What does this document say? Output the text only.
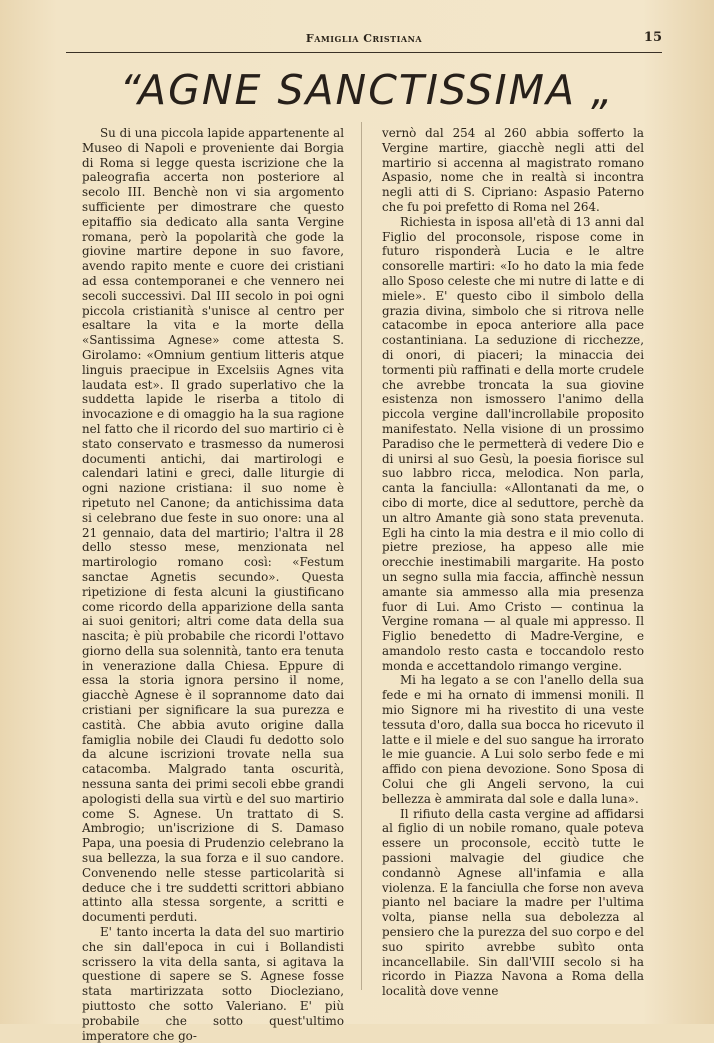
Famiglia Cristiana	15
“AGNE SANCTISSIMA „

Su di una piccola lapide appartenente al Museo di Napoli e proveniente dai Borgia di Roma si legge questa iscrizione che la paleografia accerta non posteriore al secolo III. Benchè non vi sia argomento sufficiente per dimostrare che questo epitaffio sia dedicato alla santa Vergine romana, però la popolarità che gode la giovine martire depone in suo favore, avendo rapito mente e cuore dei cristiani ad essa contemporanei e che vennero nei secoli successivi. Dal III secolo in poi ogni piccola cristianità s'unisce al centro per esaltare la vita e la morte della «Santissima Agnese» come attesta S. Girolamo: «Omnium gentium litteris atque linguis praecipue in Excelsiis Agnes vita laudata est». Il grado superlativo che la suddetta lapide le riserba a titolo di invocazione e di omaggio ha la sua ragione nel fatto che il ricordo del suo martirio ci è stato conservato e trasmesso da numerosi documenti antichi, dai martirologi e calendari latini e greci, dalle liturgie di ogni nazione cristiana: il suo nome è ripetuto nel Canone; da antichissima data si celebrano due feste in suo onore: una al 21 gennaio, data del martirio; l'altra il 28 dello stesso mese, menzionata nel martirologio romano così: «Festum sanctae Agnetis secundo». Questa ripetizione di festa alcuni la giustificano come ricordo della apparizione della santa ai suoi genitori; altri come data della sua nascita; è più probabile che ricordi l'ottavo giorno della sua solennità, tanto era tenuta in venerazione dalla Chiesa. Eppure di essa la storia ignora persino il nome, giacchè Agnese è il soprannome dato dai cristiani per significare la sua purezza e castità. Che abbia avuto origine dalla famiglia nobile dei Claudi fu dedotto solo da alcune iscrizioni trovate nella sua catacomba. Malgrado tanta oscurità, nessuna santa dei primi secoli ebbe grandi apologisti della sua virtù e del suo martirio come S. Agnese. Un trattato di S. Ambrogio; un'iscrizione di S. Damaso Papa, una poesia di Prudenzio celebrano la sua bellezza, la sua forza e il suo candore. Convenendo nelle stesse particolarità si deduce che i tre suddetti scrittori abbiano attinto alla stessa sorgente, a scritti e documenti perduti.

E' tanto incerta la data del suo martirio che sin dall'epoca in cui i Bollandisti scrissero la vita della santa, si agitava la questione di sapere se S. Agnese fosse stata martirizzata sotto Diocleziano, piuttosto che sotto Valeriano. E' più probabile che sotto quest'ultimo imperatore che go-

vernò dal 254 al 260 abbia sofferto la Vergine martire, giacchè negli atti del martirio si accenna al magistrato romano Aspasio, nome che in realtà si incontra negli atti di S. Cipriano: Aspasio Paterno che fu poi prefetto di Roma nel 264.

Richiesta in isposa all'età di 13 anni dal Figlio del proconsole, rispose come in futuro risponderà Lucia e le altre consorelle martiri: «Io ho dato la mia fede allo Sposo celeste che mi nutre di latte e di miele». E' questo cibo il simbolo della grazia divina, simbolo che si ritrova nelle catacombe in epoca anteriore alla pace costantiniana. La seduzione di ricchezze, di onori, di piaceri; la minaccia dei tormenti più raffinati e della morte crudele che avrebbe troncata la sua giovine esistenza non ismossero l'animo della piccola vergine dall'incrollabile proposito manifestato. Nella visione di un prossimo Paradiso che le permetterà di vedere Dio e di unirsi al suo Gesù, la poesia fiorisce sul suo labbro ricca, melodica. Non parla, canta la fanciulla: «Allontanati da me, o cibo di morte, dice al seduttore, perchè da un altro Amante già sono stata prevenuta. Egli ha cinto la mia destra e il mio collo di pietre preziose, ha appeso alle mie orecchie inestimabili margarite. Ha posto un segno sulla mia faccia, affinchè nessun amante sia ammesso alla mia presenza fuor di Lui. Amo Cristo — continua la Vergine romana — al quale mi appresso. Il Figlio benedetto di Madre-Vergine, e amandolo resto casta e toccandolo resto monda e accettandolo rimango vergine.

Mi ha legato a se con l'anello della sua fede e mi ha ornato di immensi monili. Il mio Signore mi ha rivestito di una veste tessuta d'oro, dalla sua bocca ho ricevuto il latte e il miele e del suo sangue ha irrorato le mie guancie. A Lui solo serbo fede e mi affido con piena devozione. Sono Sposa di Colui che gli Angeli servono, la cui bellezza è ammirata dal sole e dalla luna».

Il rifiuto della casta vergine ad affidarsi al figlio di un nobile romano, quale poteva essere un proconsole, eccitò tutte le passioni malvagie del giudice che condannò Agnese all'infamia e alla violenza. E la fanciulla che forse non aveva pianto nel baciare la madre per l'ultima volta, pianse nella sua debolezza al pensiero che la purezza del suo corpo e del suo spirito avrebbe subìto onta incancellabile. Sin dall'VIII secolo si ha ricordo in Piazza Navona a Roma della località dove venne
